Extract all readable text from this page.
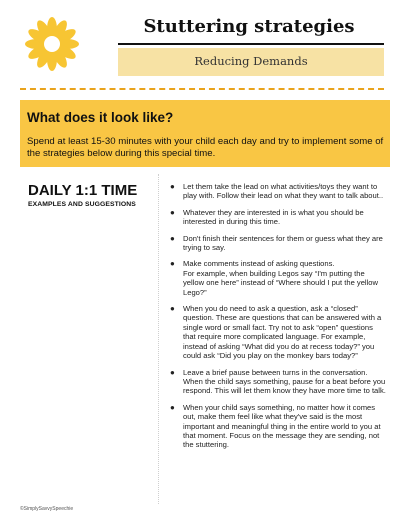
Stuttering strategies
Reducing Demands
What does it look like?
Spend at least 15-30 minutes with your child each day and try to implement some of the strategies below during this special time.
DAILY 1:1 TIME
EXAMPLES AND SUGGESTIONS
● Let them take the lead on what activities/toys they want to play with. Follow their lead on what they want to talk about..
● Whatever they are interested in is what you should be interested in during this time.
● Don't finish their sentences for them or guess what they are trying to say.
● Make comments instead of asking questions.
For example, when building Legos say “I'm putting the yellow one here” instead of “Where should I put the yellow Lego?”
● When you do need to ask a question, ask a “closed” question. These are questions that can be answered with a single word or small fact. Try not to ask “open” questions that require more complicated language. For example, instead of asking “What did you do at recess today?” you could ask “Did you play on the monkey bars today?”
● Leave a brief pause between turns in the conversation. When the child says something, pause for a beat before you respond. This will let them know they have more time to talk.
● When your child says something, no matter how it comes out, make them feel like what they've said is the most important and meaningful thing in the entire world to you at that moment. Focus on the message they are sending, not the stuttering.
©SimplySavvySpeechie
